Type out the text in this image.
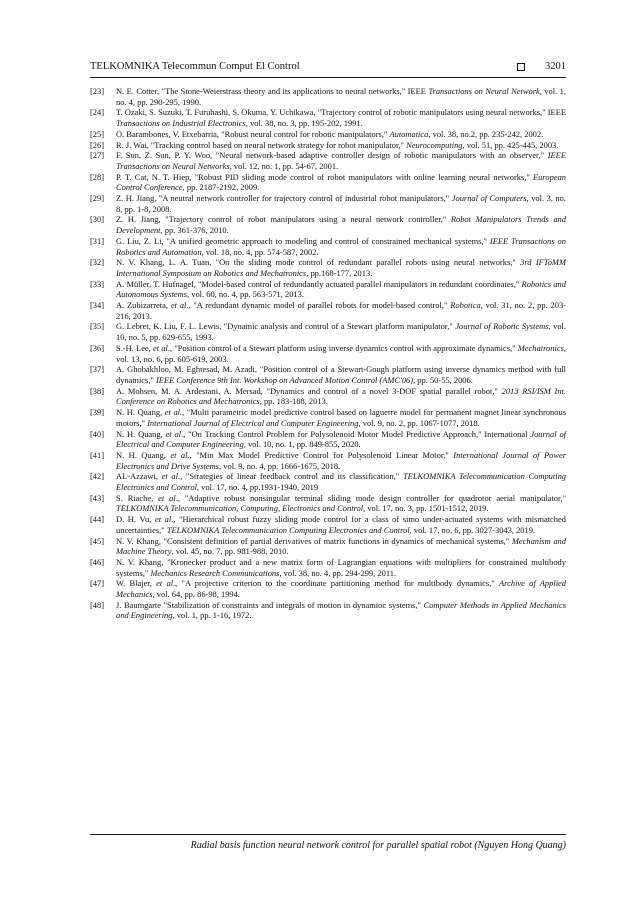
TELKOMNIKA Telecommun Comput El Control	3201
[23] N. E. Cotter, "The Stone-Weierstrass theory and its applications to neural networks," IEEE Transactions on Neural Network, vol. 1, no. 4, pp. 290-295, 1990.
[24] T. Ozaki, S. Suzuki, T. Furuhashi, S. Okuma, Y. Uchikawa, "Trajectory control of robotic manipulators using neural networks," IEEE Transactions on Industrial Electronics, vol. 38, no. 3, pp. 195-202, 1991.
[25] O. Barambones, V. Etxebarria, "Robust neural control for robotic manipulators," Automatica, vol. 38, no.2, pp. 235-242, 2002.
[26] R. J. Wai, "Tracking control based on neural network strategy for robot manipulator," Neurocomputing, vol. 51, pp. 425-445, 2003.
[27] F. Sun, Z. Sun, P. Y. Woo, "Neural network-based adaptive controller design of robotic manipulators with an observer," IEEE Transactions on Neural Networks, vol. 12, no. 1, pp. 54-67, 2001.
[28] P. T. Cat, N. T. Hiep, "Robust PID sliding mode control of robot manipulators with online learning neural networks," European Control Conference, pp. 2187-2192, 2009.
[29] Z. H. Jiang, "A neutral network controller for trajectory control of industrial robot manipulators," Journal of Computers, vol. 3, no. 8, pp. 1-8, 2008.
[30] Z. H. Jiang, "Trajectory control of robot manipulators using a neural network controller," Robot Manipulators Trends and Development, pp. 361-376, 2010.
[31] G. Liu, Z. Li, "A unified geometric approach to modeling and control of constrained mechanical systems," IEEE Transactions on Robotics and Automation, vol. 18, no. 4, pp. 574-587, 2002.
[32] N. V. Khang, L. A. Tuan, "On the sliding mode control of redundant parallel robots using neural networks," 3rd IFToMM International Symposium on Robotics and Mechatronics, pp.168-177, 2013.
[33] A. Müller, T. Hufnagel, "Model-based control of redundantly actuated parallel manipulators in redundant coordinates," Robotics and Autonomous Systems, vol. 60, no. 4, pp. 563-571, 2013.
[34] A. Zubizarreta, et al., "A redundant dynamic model of parallel robots for model-based control," Robotica, vol. 31, no. 2, pp. 203-216, 2013.
[35] G. Lebret, K. Liu, F. L. Lewis, "Dynamic analysis and control of a Stewart platform manipulator," Journal of Robotic Systems, vol. 10, no. 5, pp. 629-655, 1993.
[36] S.-H. Lee, et al., "Position control of a Stewart platform using inverse dynamics control with approximate dynamics," Mechatronics, vol. 13, no. 6, pp. 605-619, 2003.
[37] A. Ghobakhloo, M. Eghtesad, M. Azadi, "Position control of a Stewart-Gough platform using inverse dynamics method with full dynamics," IEEE Conference 9th Int. Workshop on Advanced Motion Control (AMC'06), pp. 50-55, 2006.
[38] A. Mohsen, M. A. Ardestani, A. Mersad, "Dynamics and control of a novel 3-DOF spatial parallel robot," 2013 RSI/ISM Int. Conference on Robotics and Mechatronics, pp. 183-188, 2013.
[39] N. H. Quang, et al., "Multi parametric model predictive control based on laguerre model for permanent magnet linear synchronous motors," International Journal of Electrical and Computer Engineering, vol. 9, no. 2, pp. 1067-1077, 2018.
[40] N. H. Quang, et al., "On Tracking Control Problem for Polysolenoid Motor Model Predictive Approach," International Journal of Electrical and Computer Engineering, vol. 10, no. 1, pp. 849-855, 2020.
[41] N. H. Quang, et al., "Min Max Model Predictive Control for Polysolenoid Linear Motor," International Journal of Power Electronics and Drive Systems, vol. 9, no. 4, pp. 1666-1675, 2018.
[42] AL-Azzawi, et al., "Strategies of linear feedback control and its classification," TELKOMNIKA Telecommunication Computing Electronics and Control, vol. 17, no. 4, pp.1931-1940, 2019
[43] S. Riache, et al., "Adaptive robust nonsingular terminal sliding mode design controller for quadrotor aerial manipulator," TELKOMNIKA Telecommunication, Computing, Electronics and Control, vol. 17, no. 3, pp. 1501-1512, 2019.
[44] D. H. Vu, et al., "Hierarchical robust fuzzy sliding mode control for a class of simo under-actuated systems with mismatched uncertainties," TELKOMNIKA Telecommunication Computing Electronics and Control, vol. 17, no. 6, pp. 3027-3043, 2019.
[45] N. V. Khang, "Consistent definition of partial derivatives of matrix functions in dynamics of mechanical systems," Mechanism and Machine Theory, vol. 45, no. 7, pp. 981-988, 2010.
[46] N. V. Khang, "Kronecker product and a new matrix form of Lagrangian equations with multipliers for constrained multibody systems," Mechanics Research Communications, vol. 38, no. 4, pp. 294-299, 2011.
[47] W. Blajer, et al., "A projective criterion to the coordinate partitioning method for multibody dynamics," Archive of Applied Mechanics, vol. 64, pp. 86-98, 1994.
[48] J. Baumgarte "Stabilization of constraints and integrals of motion in dynamioc systems," Computer Methods in Applied Mechanics and Engineering, vol. 1, pp. 1-16, 1972.
Radial basis function neural network control for parallel spatial robot (Nguyen Hong Quang)
